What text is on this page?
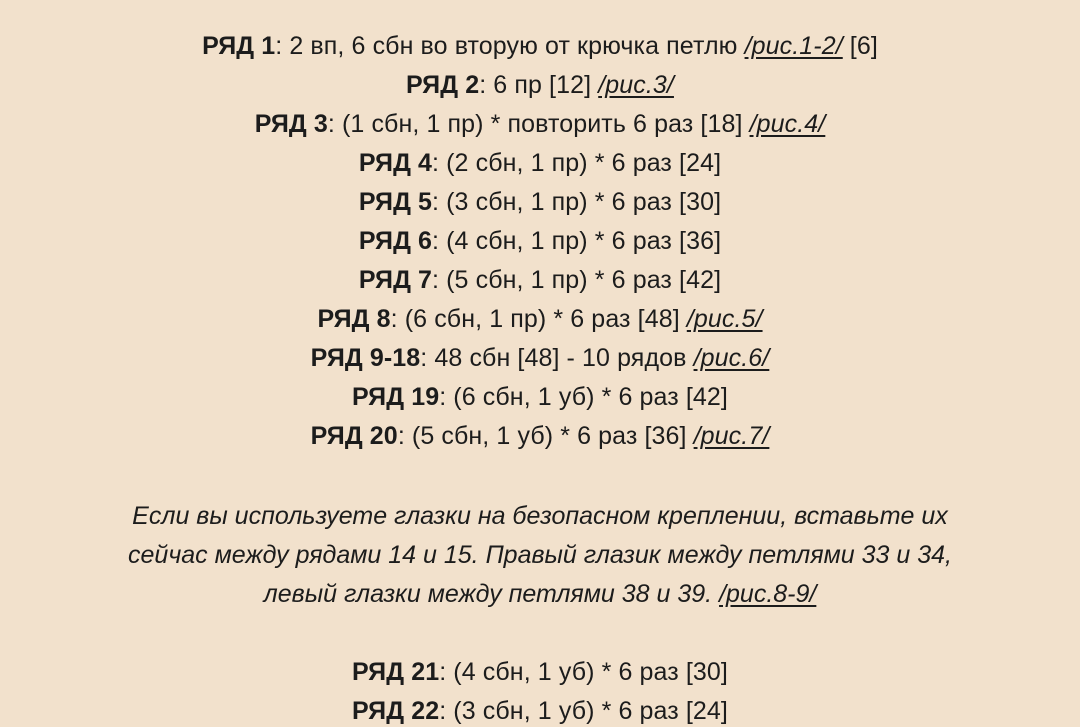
РЯД 1: 2 вп, 6 сбн во вторую от крючка петлю /рис.1-2/ [6]
РЯД 2: 6 пр [12] /рис.3/
РЯД 3: (1 сбн, 1 пр) * повторить 6 раз [18] /рис.4/
РЯД 4: (2 сбн, 1 пр) * 6 раз [24]
РЯД 5: (3 сбн, 1 пр) * 6 раз [30]
РЯД 6: (4 сбн, 1 пр) * 6 раз [36]
РЯД 7: (5 сбн, 1 пр) * 6 раз [42]
РЯД 8: (6 сбн, 1 пр) * 6 раз [48] /рис.5/
РЯД 9-18: 48 сбн [48] - 10 рядов /рис.6/
РЯД 19: (6 сбн, 1 уб) * 6 раз [42]
РЯД 20: (5 сбн, 1 уб) * 6 раз [36] /рис.7/
Если вы используете глазки на безопасном креплении, вставьте их
сейчас между рядами 14 и 15. Правый глазик между петлями 33 и 34,
левый глазки между петлями 38 и 39. /рис.8-9/
РЯД 21: (4 сбн, 1 уб) * 6 раз [30]
РЯД 22: (3 сбн, 1 уб) * 6 раз [24]
